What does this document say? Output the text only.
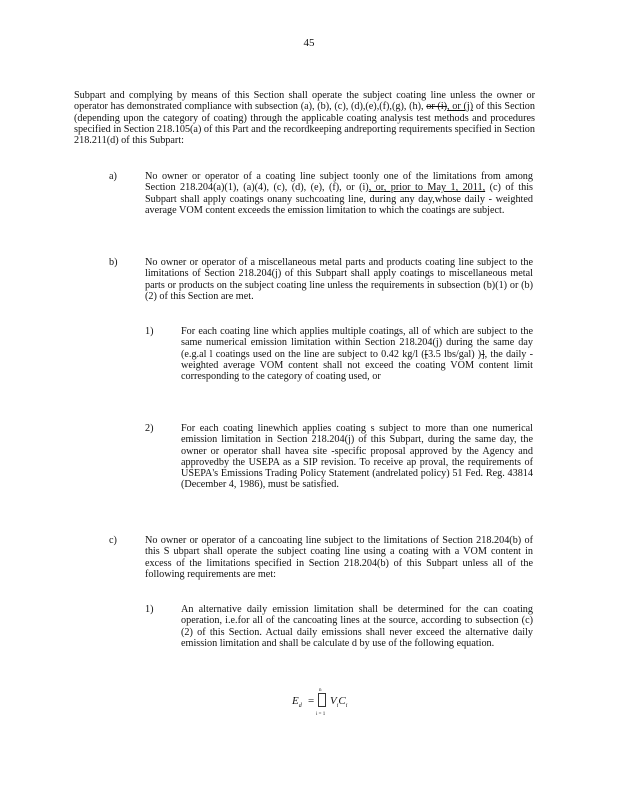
45
Subpart and complying by means of this Section shall operate the subject coating line unless the owner or operator has demonstrated compliance with subsection (a), (b), (c), (d),(e),(f),(g), (h), or (i), or (j) of this Section (depending upon the category of coating) through the applicable coating analysis test methods and procedures specified in Section 218.105(a) of this Part and the recordkeeping andreporting requirements specified in Section 218.211(d) of this Subpart:
a)	No owner or operator of a coating line subject toonly one of the limitations from among Section 218.204(a)(1), (a)(4), (c), (d), (e), (f), or (i), or, prior to May 1, 2011, (c) of this Subpart shall apply coatings onany suchcoating line, during any day,whose daily - weighted average VOM content exceeds the emission limitation to which the coatings are subject.
b)	No owner or operator of a miscellaneous metal parts and products coating line subject to the limitations of Section 218.204(j) of this Subpart shall apply coatings to miscellaneous metal parts or products on the subject coating line unless the requirements in subsection (b)(1) or (b)(2) of this Section are met.
1)	For each coating line which applies multiple coatings, all of which are subject to the same numerical emission limitation within Section 218.204(j) during the same day (e.g.al l coatings used on the line are subject to 0.42 kg/l ([3.5 lbs/gal) )], the daily -weighted average VOM content shall not exceed the coating VOM content limit corresponding to the category of coating used, or
2)	For each coating linewhich applies coating s subject to more than one numerical emission limitation in Section 218.204(j) of this Subpart, during the same day, the owner or operator shall havea site -specific proposal approved by the Agency and approvedby the USEPA as a SIP revision. To receive ap proval, the requirements of USEPA's Emissions Trading Policy Statement (andrelated policy) 51 Fed. Reg. 43814 (December 4, 1986), must be satisfied.
c)	No owner or operator of a cancoating line subject to the limitations of Section 218.204(b) of this S ubpart shall operate the subject coating line using a coating with a VOM content in excess of the limitations specified in Section 218.204(b) of this Subpart unless all of the following requirements are met:
1)	An alternative daily emission limitation shall be determined for the can coating operation, i.e.for all of the cancoating lines at the source, according to subsection (c)(2) of this Section. Actual daily emissions shall never exceed the alternative daily emission limitation and shall be calculate d by use of the following equation.
$E_d$ =
n
i = 1
$V_iC_i$
